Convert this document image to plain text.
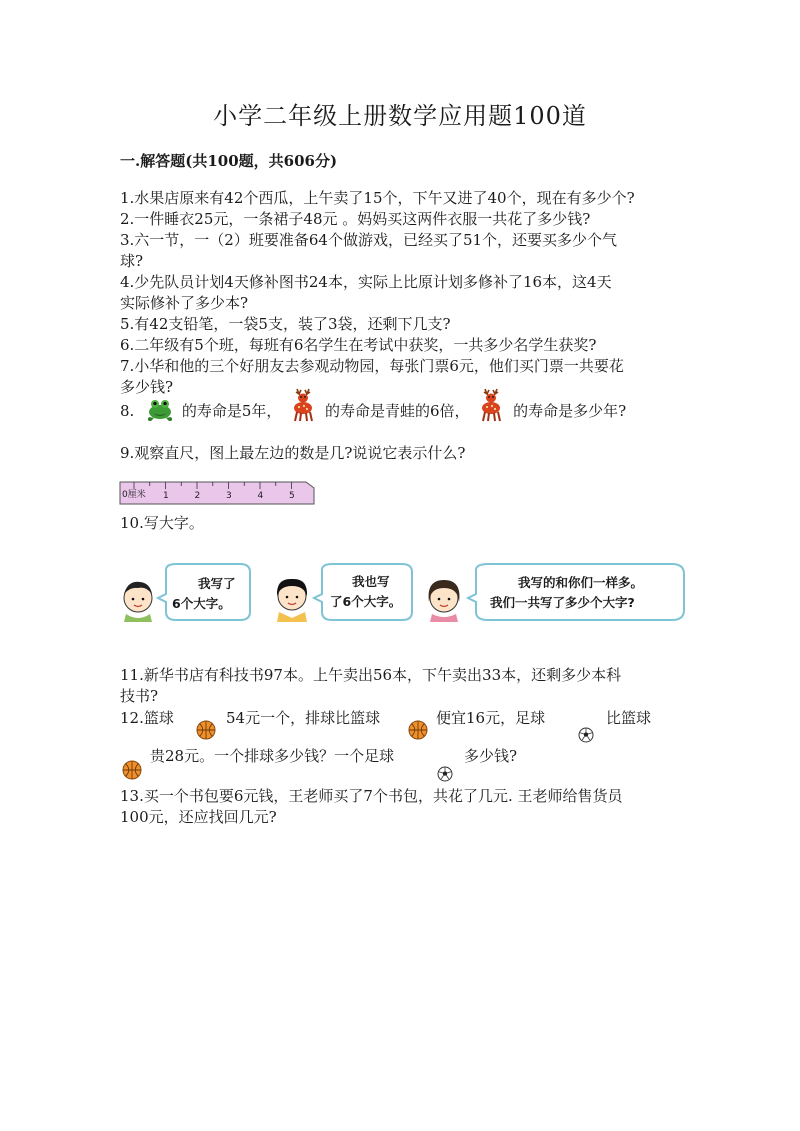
小学二年级上册数学应用题100道
一.解答题(共100题，共606分)
1.水果店原来有42个西瓜，上午卖了15个，下午又进了40个，现在有多少个?
2.一件睡衣25元，一条裙子48元 。妈妈买这两件衣服一共花了多少钱?
3.六一节，一（2）班要准备64个做游戏，已经买了51个，还要买多少个气
球?
4.少先队员计划4天修补图书24本，实际上比原计划多修补了16本，这4天
实际修补了多少本?
5.有42支铅笔，一袋5支，装了3袋，还剩下几支?
6.二年级有5个班，每班有6名学生在考试中获奖，一共多少名学生获奖?
7.小华和他的三个好朋友去参观动物园，每张门票6元，他们买门票一共要花
多少钱?
8.	的寿命是5年，	的寿命是青蛙的6倍，	的寿命是多少年?
9.观察直尺，图上最左边的数是几?说说它表示什么?
1	2	3	4	5
0厘米
10.写大字。
我写了
6个大字。
我也写
了6个大字。
我写的和你们一样多。
我们一共写了多少个大字?
11.新华书店有科技书97本。上午卖出56本，下午卖出33本，还剩多少本科
技书?
12.篮球	54元一个，排球比篮球	便宜16元，足球	比篮球
贵28元。一个排球多少钱？一个足球	多少钱?
13.买一个书包要6元钱，王老师买了7个书包，共花了几元. 王老师给售货员
100元，还应找回几元?
